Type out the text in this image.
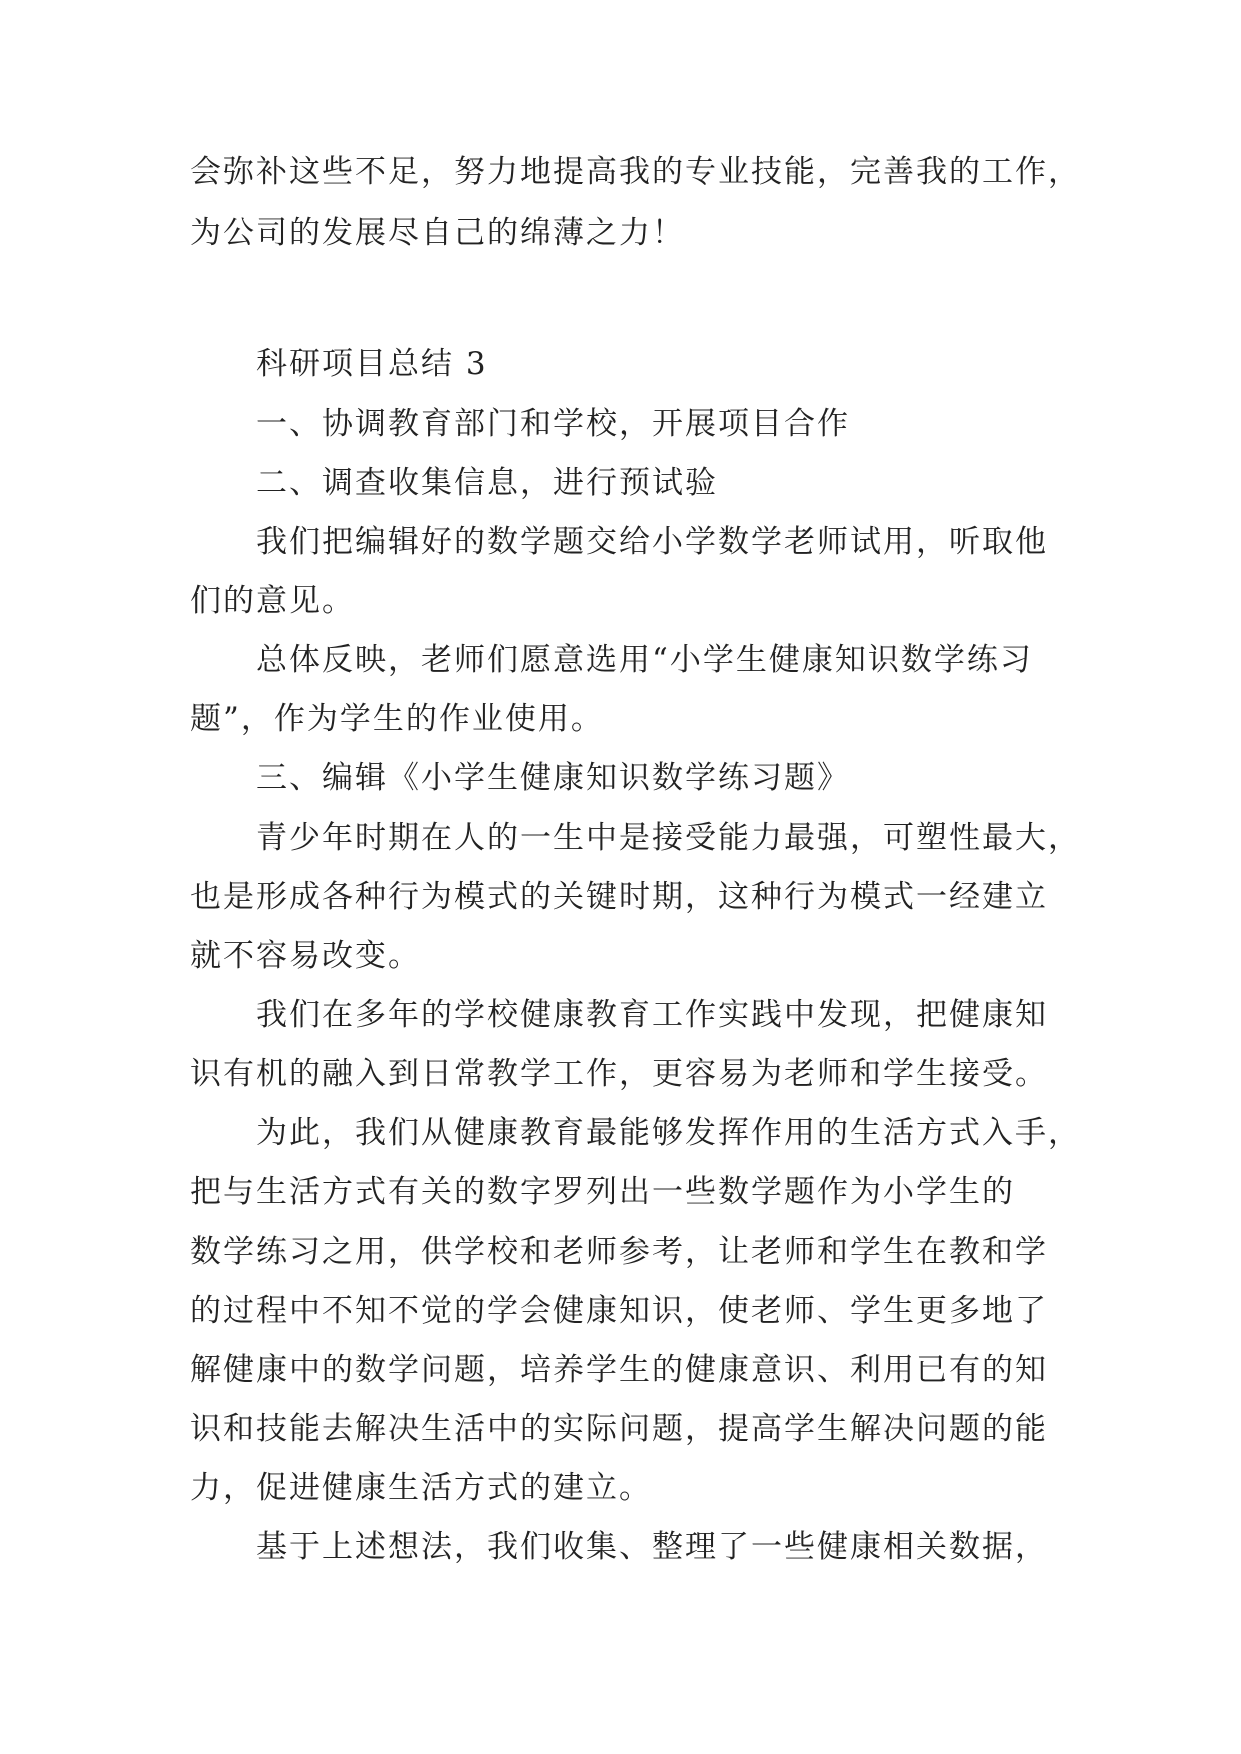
会弥补这些不足，努力地提高我的专业技能，完善我的工作，
为公司的发展尽自己的绵薄之力！
科研项目总结 3
一、协调教育部门和学校，开展项目合作
二、调查收集信息，进行预试验
我们把编辑好的数学题交给小学数学老师试用，听取他
们的意见。
总体反映，老师们愿意选用“小学生健康知识数学练习
题”，作为学生的作业使用。
三、编辑《小学生健康知识数学练习题》
青少年时期在人的一生中是接受能力最强，可塑性最大，
也是形成各种行为模式的关键时期，这种行为模式一经建立
就不容易改变。
我们在多年的学校健康教育工作实践中发现，把健康知
识有机的融入到日常教学工作，更容易为老师和学生接受。
为此，我们从健康教育最能够发挥作用的生活方式入手，
把与生活方式有关的数字罗列出一些数学题作为小学生的
数学练习之用，供学校和老师参考，让老师和学生在教和学
的过程中不知不觉的学会健康知识，使老师、学生更多地了
解健康中的数学问题，培养学生的健康意识、利用已有的知
识和技能去解决生活中的实际问题，提高学生解决问题的能
力，促进健康生活方式的建立。
基于上述想法，我们收集、整理了一些健康相关数据，
